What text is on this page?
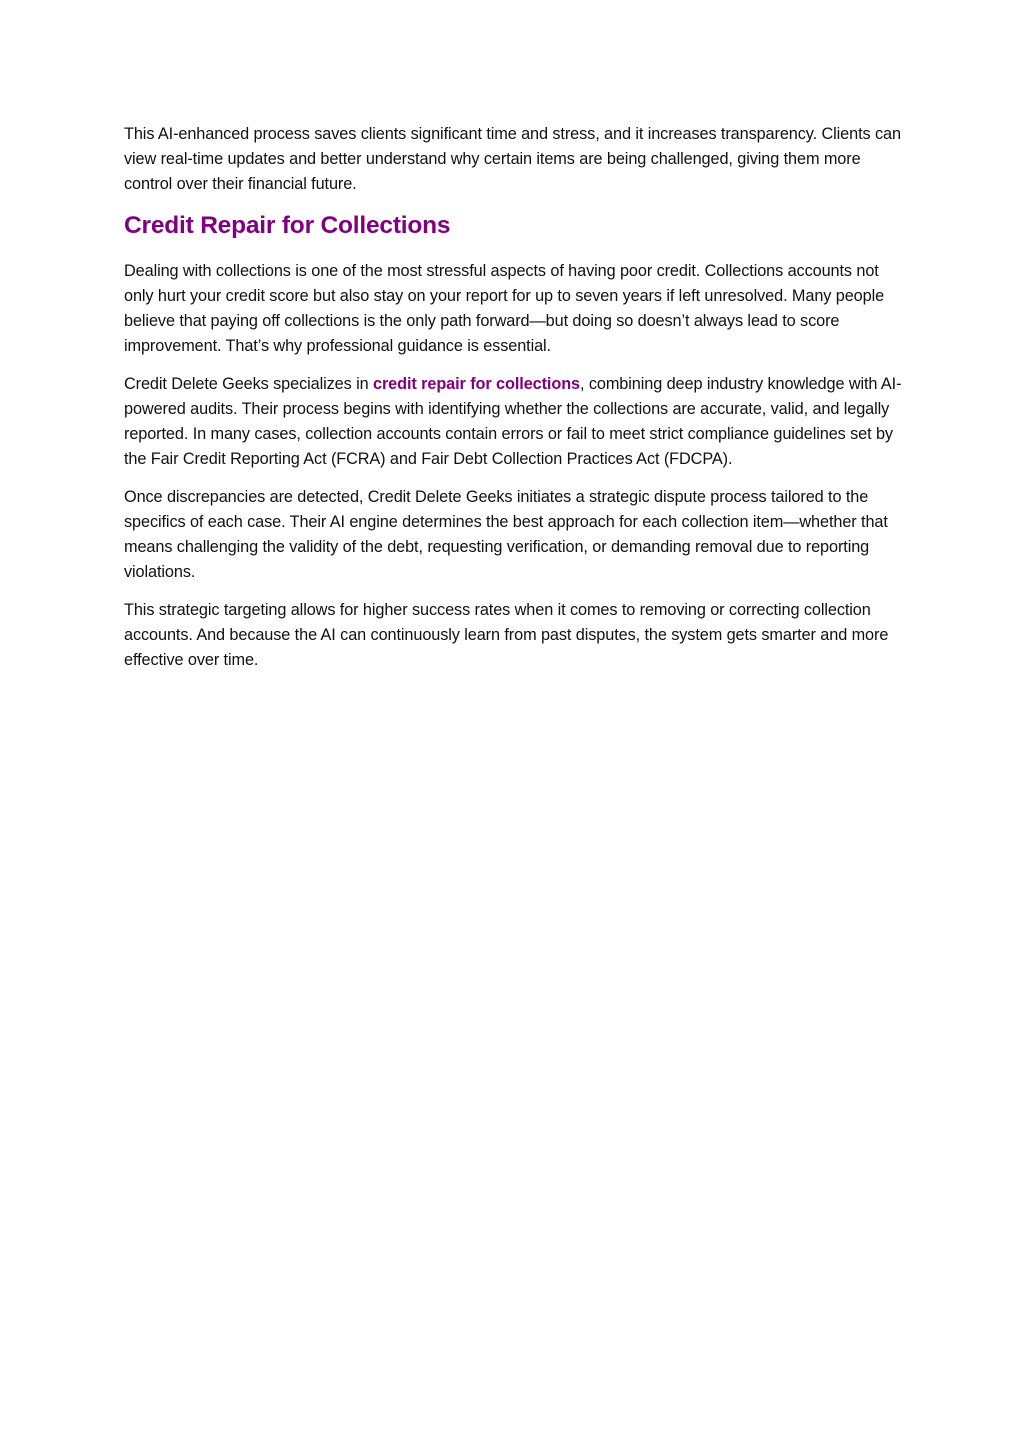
This AI-enhanced process saves clients significant time and stress, and it increases transparency. Clients can view real-time updates and better understand why certain items are being challenged, giving them more control over their financial future.

Credit Repair for Collections

Dealing with collections is one of the most stressful aspects of having poor credit. Collections accounts not only hurt your credit score but also stay on your report for up to seven years if left unresolved. Many people believe that paying off collections is the only path forward—but doing so doesn’t always lead to score improvement. That’s why professional guidance is essential.

Credit Delete Geeks specializes in credit repair for collections, combining deep industry knowledge with AI-powered audits. Their process begins with identifying whether the collections are accurate, valid, and legally reported. In many cases, collection accounts contain errors or fail to meet strict compliance guidelines set by the Fair Credit Reporting Act (FCRA) and Fair Debt Collection Practices Act (FDCPA).

Once discrepancies are detected, Credit Delete Geeks initiates a strategic dispute process tailored to the specifics of each case. Their AI engine determines the best approach for each collection item—whether that means challenging the validity of the debt, requesting verification, or demanding removal due to reporting violations.

This strategic targeting allows for higher success rates when it comes to removing or correcting collection accounts. And because the AI can continuously learn from past disputes, the system gets smarter and more effective over time.
